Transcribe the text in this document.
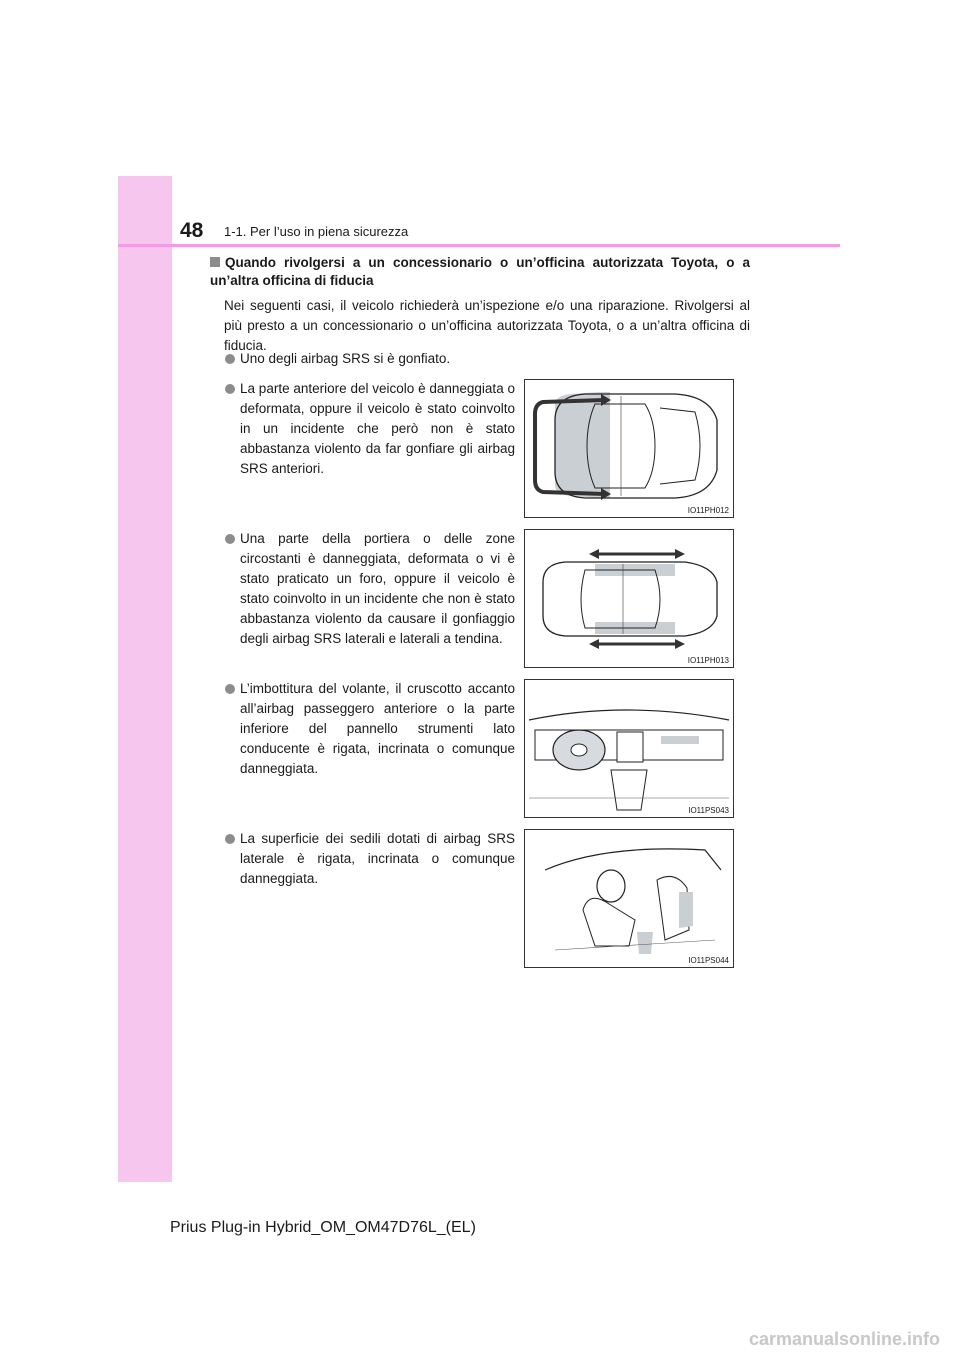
48 1-1. Per l’uso in piena sicurezza

Quando rivolgersi a un concessionario o un’officina autorizzata Toyota, o a un’altra officina di fiducia

Nei seguenti casi, il veicolo richiederà un’ispezione e/o una riparazione. Rivolgersi al più presto a un concessionario o un’officina autorizzata Toyota, o a un’altra officina di fiducia.

Uno degli airbag SRS si è gonfiato.
La parte anteriore del veicolo è danneggiata o deformata, oppure il veicolo è stato coinvolto in un incidente che però non è stato abbastanza violento da far gonfiare gli airbag SRS anteriori.
IO11PH012
Una parte della portiera o delle zone circostanti è danneggiata, deformata o vi è stato praticato un foro, oppure il veicolo è stato coinvolto in un incidente che non è stato abbastanza violento da causare il gonfiaggio degli airbag SRS laterali e laterali a tendina.
IO11PH013
L’imbottitura del volante, il cruscotto accanto all’airbag passeggero anteriore o la parte inferiore del pannello strumenti lato conducente è rigata, incrinata o comunque danneggiata.
IO11PS043
La superficie dei sedili dotati di airbag SRS laterale è rigata, incrinata o comunque danneggiata.
IO11PS044
Prius Plug-in Hybrid_OM_OM47D76L_(EL)
carmanualsonline.info
